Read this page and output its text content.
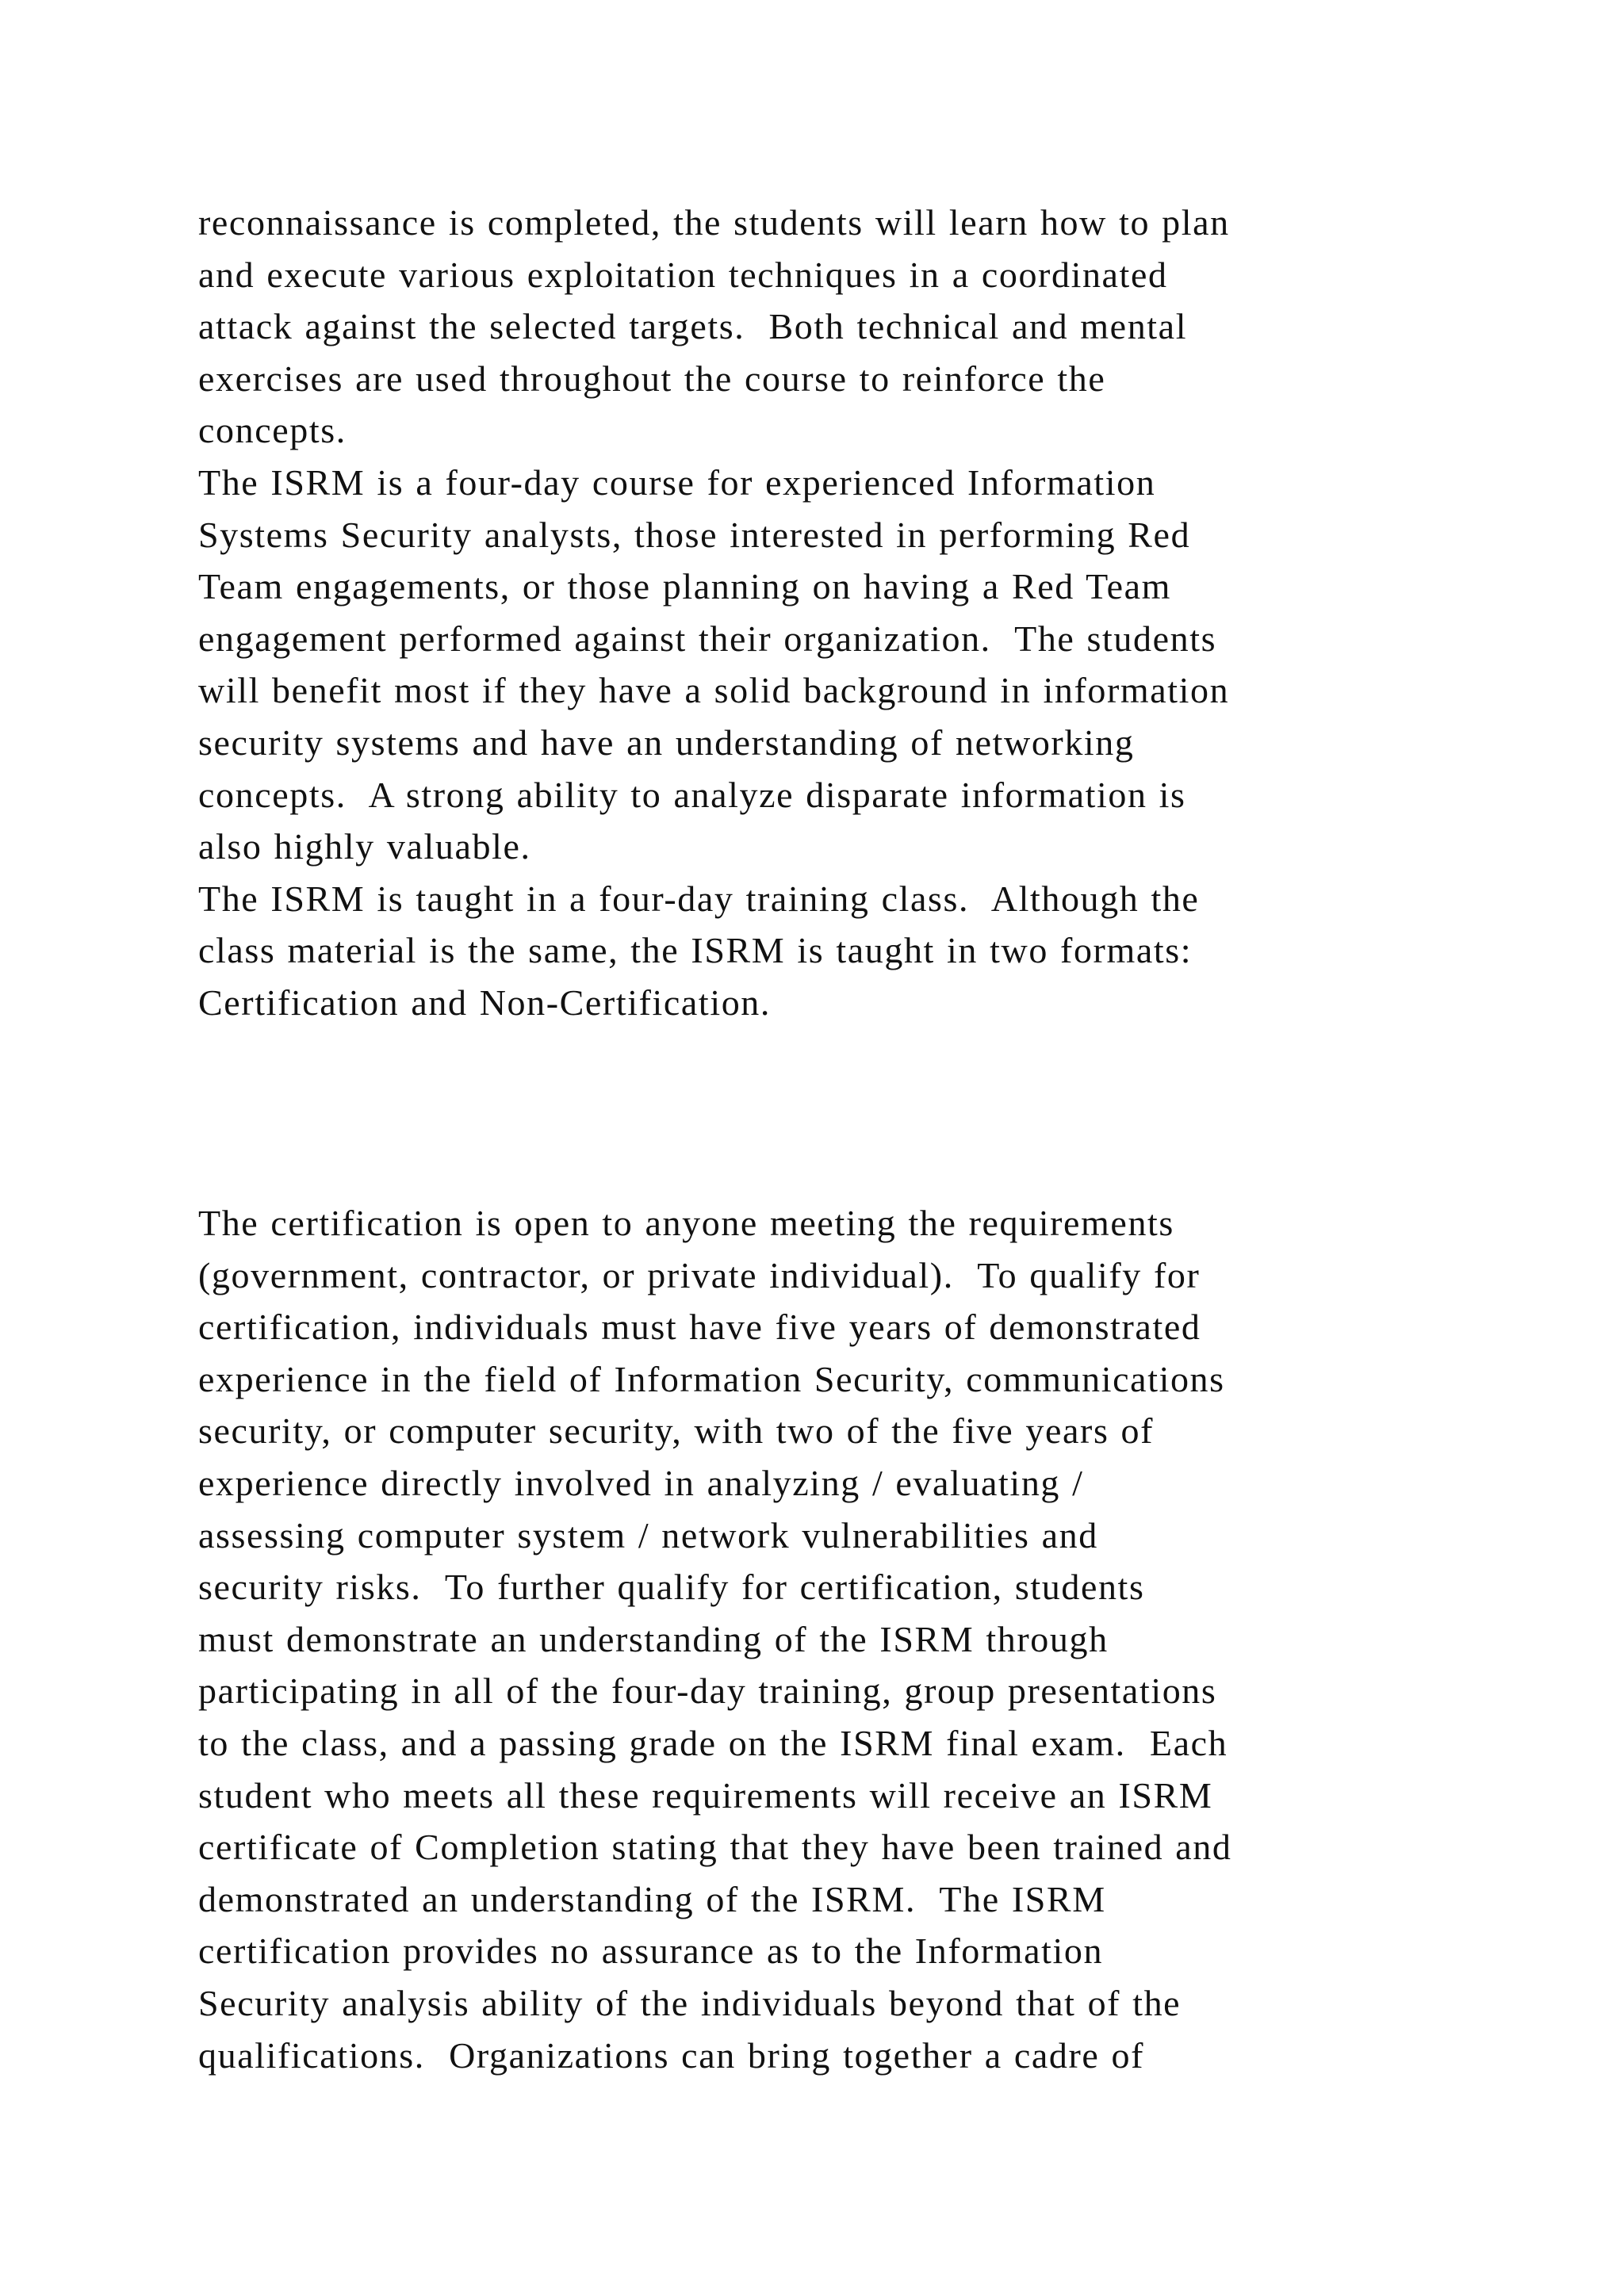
reconnaissance is completed, the students will learn how to plan
and execute various exploitation techniques in a coordinated
attack against the selected targets.  Both technical and mental
exercises are used throughout the course to reinforce the
concepts.
The ISRM is a four-day course for experienced Information
Systems Security analysts, those interested in performing Red
Team engagements, or those planning on having a Red Team
engagement performed against their organization.  The students
will benefit most if they have a solid background in information
security systems and have an understanding of networking
concepts.  A strong ability to analyze disparate information is
also highly valuable.
The ISRM is taught in a four-day training class.  Although the
class material is the same, the ISRM is taught in two formats:
Certification and Non-Certification.
The certification is open to anyone meeting the requirements
(government, contractor, or private individual).  To qualify for
certification, individuals must have five years of demonstrated
experience in the field of Information Security, communications
security, or computer security, with two of the five years of
experience directly involved in analyzing / evaluating /
assessing computer system / network vulnerabilities and
security risks.  To further qualify for certification, students
must demonstrate an understanding of the ISRM through
participating in all of the four-day training, group presentations
to the class, and a passing grade on the ISRM final exam.  Each
student who meets all these requirements will receive an ISRM
certificate of Completion stating that they have been trained and
demonstrated an understanding of the ISRM.  The ISRM
certification provides no assurance as to the Information
Security analysis ability of the individuals beyond that of the
qualifications.  Organizations can bring together a cadre of
